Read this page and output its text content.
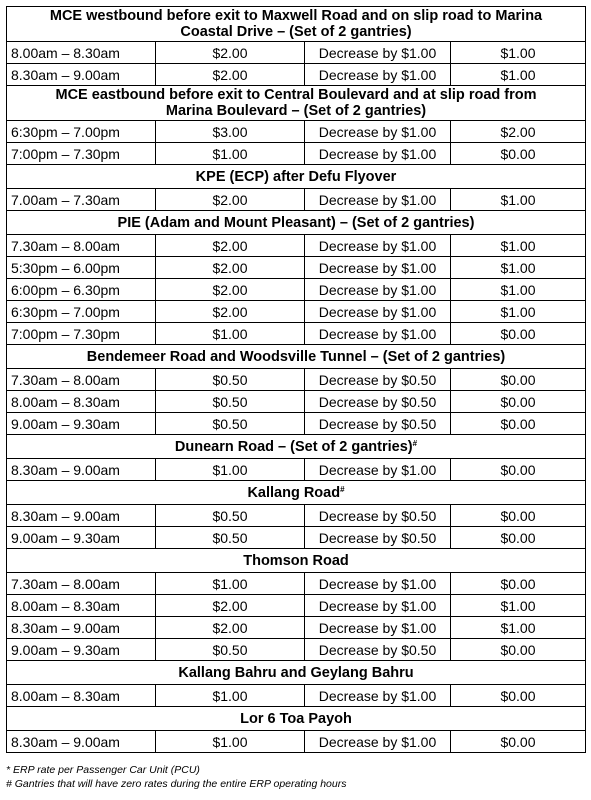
MCE westbound before exit to Maxwell Road and on slip road to Marina
Coastal Drive – (Set of 2 gantries)			
8.00am – 8.30am	$2.00	Decrease by $1.00	$1.00
8.30am – 9.00am	$2.00	Decrease by $1.00	$1.00
MCE eastbound before exit to Central Boulevard and at slip road from
Marina Boulevard – (Set of 2 gantries)			
6:30pm – 7.00pm	$3.00	Decrease by $1.00	$2.00
7:00pm – 7.30pm	$1.00	Decrease by $1.00	$0.00
KPE (ECP) after Defu Flyover			
7.00am – 7.30am	$2.00	Decrease by $1.00	$1.00
PIE (Adam and Mount Pleasant) – (Set of 2 gantries)			
7.30am – 8.00am	$2.00	Decrease by $1.00	$1.00
5:30pm – 6.00pm	$2.00	Decrease by $1.00	$1.00
6:00pm – 6.30pm	$2.00	Decrease by $1.00	$1.00
6:30pm – 7.00pm	$2.00	Decrease by $1.00	$1.00
7:00pm – 7.30pm	$1.00	Decrease by $1.00	$0.00
Bendemeer Road and Woodsville Tunnel – (Set of 2 gantries)			
7.30am – 8.00am	$0.50	Decrease by $0.50	$0.00
8.00am – 8.30am	$0.50	Decrease by $0.50	$0.00
9.00am – 9.30am	$0.50	Decrease by $0.50	$0.00
Dunearn Road – (Set of 2 gantries)#
8.30am – 9.00am	$1.00	Decrease by $1.00	$0.00
Kallang Road#
8.30am – 9.00am	$0.50	Decrease by $0.50	$0.00
9.00am – 9.30am	$0.50	Decrease by $0.50	$0.00
Thomson Road			
7.30am – 8.00am	$1.00	Decrease by $1.00	$0.00
8.00am – 8.30am	$2.00	Decrease by $1.00	$1.00
8.30am – 9.00am	$2.00	Decrease by $1.00	$1.00
9.00am – 9.30am	$0.50	Decrease by $0.50	$0.00
Kallang Bahru and Geylang Bahru			
8.00am – 8.30am	$1.00	Decrease by $1.00	$0.00
Lor 6 Toa Payoh			
8.30am – 9.00am	$1.00	Decrease by $1.00	$0.00
* ERP rate per Passenger Car Unit (PCU)
# Gantries that will have zero rates during the entire ERP operating hours
